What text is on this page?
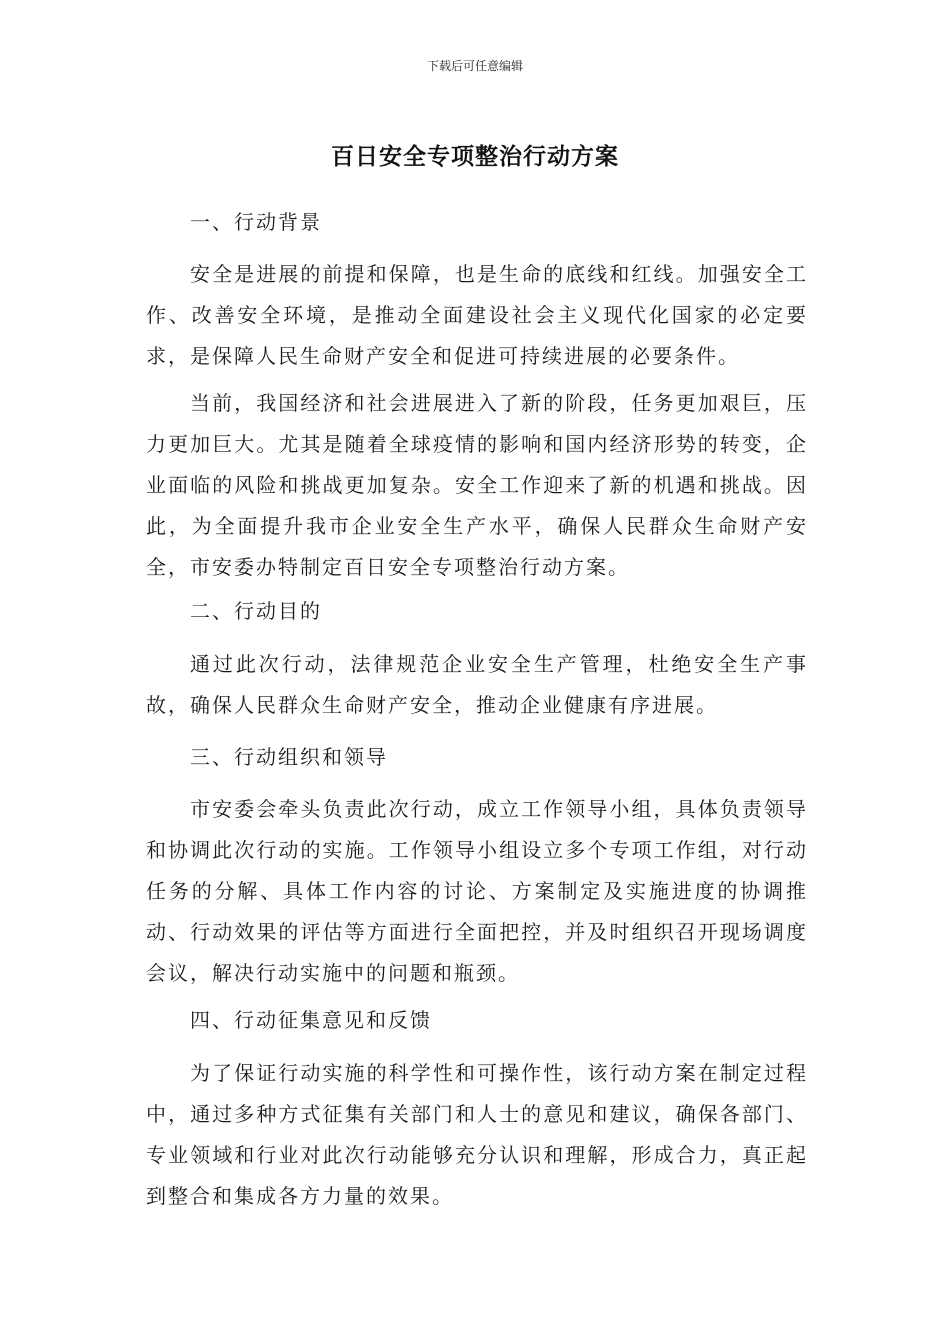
下载后可任意编辑
百日安全专项整治行动方案

一、行动背景

安全是进展的前提和保障，也是生命的底线和红线。加强安全工作、改善安全环境，是推动全面建设社会主义现代化国家的必定要求，是保障人民生命财产安全和促进可持续进展的必要条件。

当前，我国经济和社会进展进入了新的阶段，任务更加艰巨，压力更加巨大。尤其是随着全球疫情的影响和国内经济形势的转变，企业面临的风险和挑战更加复杂。安全工作迎来了新的机遇和挑战。因此，为全面提升我市企业安全生产水平，确保人民群众生命财产安全，市安委办特制定百日安全专项整治行动方案。

二、行动目的

通过此次行动，法律规范企业安全生产管理，杜绝安全生产事故，确保人民群众生命财产安全，推动企业健康有序进展。

三、行动组织和领导

市安委会牵头负责此次行动，成立工作领导小组，具体负责领导和协调此次行动的实施。工作领导小组设立多个专项工作组，对行动任务的分解、具体工作内容的讨论、方案制定及实施进度的协调推动、行动效果的评估等方面进行全面把控，并及时组织召开现场调度会议，解决行动实施中的问题和瓶颈。

四、行动征集意见和反馈

为了保证行动实施的科学性和可操作性，该行动方案在制定过程中，通过多种方式征集有关部门和人士的意见和建议，确保各部门、专业领域和行业对此次行动能够充分认识和理解，形成合力，真正起到整合和集成各方力量的效果。
